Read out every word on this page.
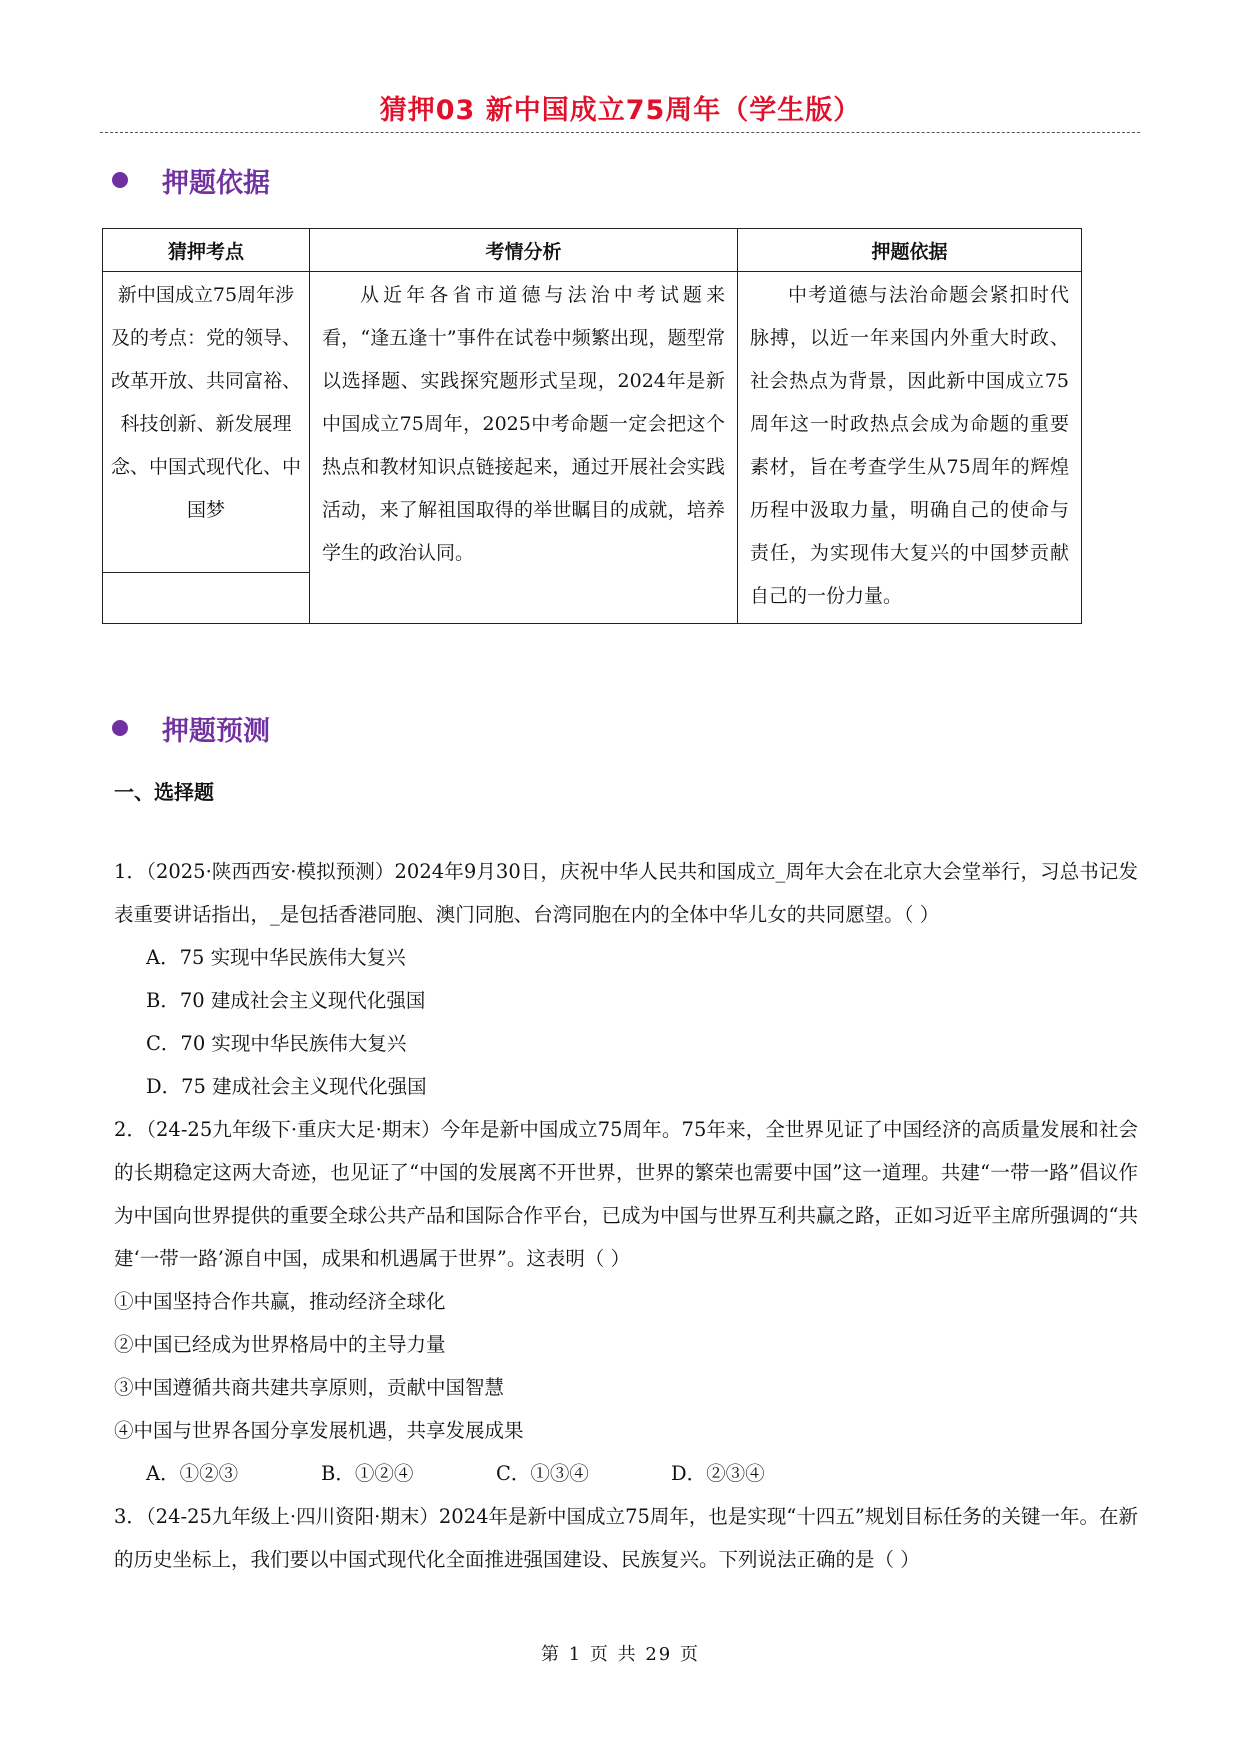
猜押03 新中国成立75周年（学生版）
押题依据
猜押考点	考情分析	押题依据
新中国成立75周年涉及的考点：党的领导、改革开放、共同富裕、科技创新、新发展理念、中国式现代化、中国梦	从近年各省市道德与法治中考试题来看，“逢五逢十”事件在试卷中频繁出现，题型常以选择题、实践探究题形式呈现，2024年是新中国成立75周年，2025中考命题一定会把这个热点和教材知识点链接起来，通过开展社会实践活动，来了解祖国取得的举世瞩目的成就，培养学生的政治认同。	中考道德与法治命题会紧扣时代脉搏，以近一年来国内外重大时政、社会热点为背景，因此新中国成立75周年这一时政热点会成为命题的重要素材，旨在考查学生从75周年的辉煌历程中汲取力量，明确自己的使命与责任，为实现伟大复兴的中国梦贡献自己的一份力量。

押题预测
一、选择题

1．（2025·陕西西安·模拟预测）2024年9月30日，庆祝中华人民共和国成立_周年大会在北京大会堂举行，习总书记发表重要讲话指出，_是包括香港同胞、澳门同胞、台湾同胞在内的全体中华儿女的共同愿望。（ ）

A．75 实现中华民族伟大复兴

B．70 建成社会主义现代化强国

C．70 实现中华民族伟大复兴

D．75 建成社会主义现代化强国

2．（24-25九年级下·重庆大足·期末）今年是新中国成立75周年。75年来，全世界见证了中国经济的高质量发展和社会的长期稳定这两大奇迹，也见证了“中国的发展离不开世界，世界的繁荣也需要中国”这一道理。共建“一带一路”倡议作为中国向世界提供的重要全球公共产品和国际合作平台，已成为中国与世界互利共赢之路，正如习近平主席所强调的“共建‘一带一路’源自中国，成果和机遇属于世界”。这表明（ ）

①中国坚持合作共赢，推动经济全球化

②中国已经成为世界格局中的主导力量

③中国遵循共商共建共享原则，贡献中国智慧

④中国与世界各国分享发展机遇，共享发展成果

A．①②③	B．①②④	C．①③④	D．②③④

3．（24-25九年级上·四川资阳·期末）2024年是新中国成立75周年，也是实现“十四五”规划目标任务的关键一年。在新的历史坐标上，我们要以中国式现代化全面推进强国建设、民族复兴。下列说法正确的是（ ）

第 1 页 共 29 页
